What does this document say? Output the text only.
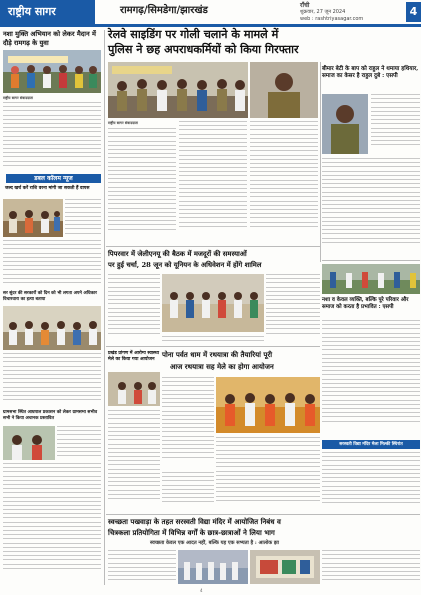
राष्ट्रीय सागर	रामगढ़/सिमडेगा/झारखंड	राँची
शुक्रवार, 27 जून 2024
web : rashtriyasagar.com
4
नशा मुक्ति अभियान को लेकर मैदान में दौड़े रामगढ़ के युवा
राष्ट्रीय सागर संवाददाता
डबल कॉलम न्यूज
जल्द खर्च करें राशि वरना मांगी जा सकती हैं वापस
सर सुंदर की सरकारों को दिन को भी लगता अपने अधिकार विचारधारा का हत्या बताया
ग्रामसभा स्थित आम्रपाल प्रकाशन को लेकर ग्रामसभा सभीव सभी ने किया अचानक प्रस्तावित
रेलवे साइडिंग पर गोली चलाने के मामले में
पुलिस ने छह अपराधकर्मियों को किया गिरफ्तार
राष्ट्रीय सागर संवाददाता
बीमार बेटी के बाप को राहुल ने थमाया हथियार, समाज का केसर है राहुल दुबे : एसपी
पिपरवार में जेलीएनयू की बैठक में मजदूरों की समस्याओं
पर हुई चर्चा, 28 जून को यूनियन के अधिवेशन में होंगे शामिल
नशा व केवल व्यक्ति, बल्कि पूरे परिवार और समाज को करता है प्रभावित : एसपी
प्रखंड प्रांगण में आरोग्य स्वास्थ्य मेले का किया गया आयोजन
पोना पर्वत धाम में रथयात्रा की तैयारियां पूरी
आज रथयात्रा सह मेले का होगा आयोजन
सरस्वती विद्या मंदिर मेला मिल्की स्थिरांत
स्वच्छता पखवाड़ा के तहत सरस्वती विद्या मंदिर में आयोजित निबंध व
चित्रकला प्रतियोगिता में विभिन्न वर्गों के छात्र-छात्राओं ने लिया भाग
स्वच्छता केवल एक आदत नहीं, बल्कि यह एक सभ्यता है : आलोक झा
4
